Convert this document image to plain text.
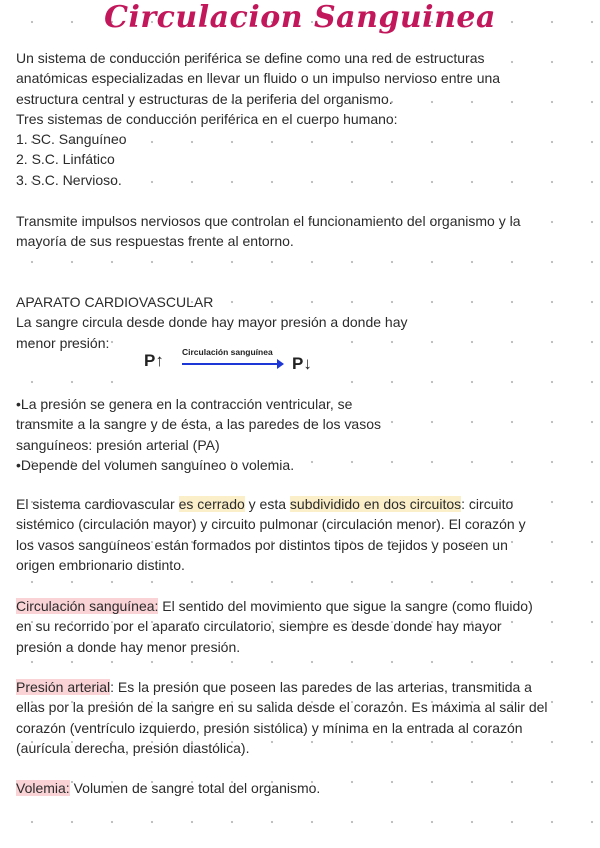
Circulacion Sanguinea
Un sistema de conducción periférica se define como una red de estructuras
anatómicas especializadas en llevar un fluido o un impulso nervioso entre una
estructura central y estructuras de la periferia del organismo.
Tres sistemas de conducción periférica en el cuerpo humano:
1. SC. Sanguíneo
2. S.C. Linfático
3. S.C. Nervioso.
Transmite impulsos nerviosos que controlan el funcionamiento del organismo y la
mayoría de sus respuestas frente al entorno.
APARATO CARDIOVASCULAR
La sangre circula desde donde hay mayor presión a donde hay
menor presión:
P↑ Circulación sanguínea
P↓
•La presión se genera en la contracción ventricular, se
transmite a la sangre y de ésta, a las paredes de los vasos
sanguíneos: presión arterial (PA)
•Depende del volumen sanguíneo o volemia.
El sistema cardiovascular es cerrado y esta subdividido en dos circuitos: circuito
sistémico (circulación mayor) y circuito pulmonar (circulación menor). El corazón y
los vasos sanguíneos están formados por distintos tipos de tejidos y poseen un
origen embrionario distinto.
Circulación sanguínea: El sentido del movimiento que sigue la sangre (como fluido)
en su recorrido por el aparato circulatorio, siempre es desde donde hay mayor
presión a donde hay menor presión.
Presión arterial: Es la presión que poseen las paredes de las arterias, transmitida a
ellas por la presión de la sangre en su salida desde el corazón. Es máxima al salir del
corazón (ventrículo izquierdo, presión sistólica) y mínima en la entrada al corazón
(aurícula derecha, presión diastólica).
Volemia: Volumen de sangre total del organismo.
